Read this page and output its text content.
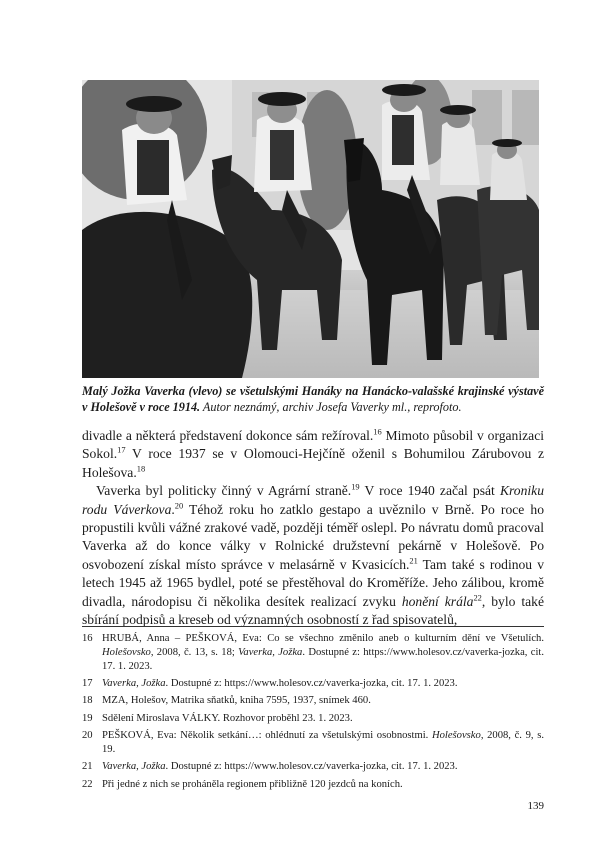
Malý Jožka Vaverka (vlevo) se všetulskými Hanáky na Hanácko-valašské krajinské výstavě v Holešově v roce 1914. Autor neznámý, archiv Josefa Vaverky ml., reprofoto.

divadle a některá představení dokonce sám režíroval.$^{16}$ Mimoto působil v organizaci Sokol.$^{17}$ V roce 1937 se v Olomouci-Hejčíně oženil s Bohumilou Zárubovou z Holešova.$^{18}$

Vaverka byl politicky činný v Agrární straně.$^{19}$ V roce 1940 začal psát Kroniku rodu Váverkova.$^{20}$ Téhož roku ho zatklo gestapo a uvěznilo v Brně. Po roce ho propustili kvůli vážné zrakové vadě, později téměř oslepl. Po návratu domů pracoval Vaverka až do konce války v Rolnické družstevní pekárně v Holešově. Po osvobození získal místo správce v melasárně v Kvasicích.$^{21}$ Tam také s rodinou v letech 1945 až 1965 bydlel, poté se přestěhoval do Kroměříže. Jeho zálibou, kromě divadla, národopisu či několika desítek realizací zvyku honění krála$^{22}$, bylo také sbírání podpisů a kreseb od významných osobností z řad spisovatelů,

16 HRUBÁ, Anna – PEŠKOVÁ, Eva: Co se všechno změnilo aneb o kulturním dění ve Všetulích. Holešovsko, 2008, č. 13, s. 18; Vaverka, Jožka. Dostupné z: https://www.holesov.cz/vaverka-jozka, cit. 17. 1. 2023.
17 Vaverka, Jožka. Dostupné z: https://www.holesov.cz/vaverka-jozka, cit. 17. 1. 2023.
18 MZA, Holešov, Matrika sňatků, kniha 7595, 1937, snímek 460.
19 Sdělení Miroslava VÁLKY. Rozhovor proběhl 23. 1. 2023.
20 PEŠKOVÁ, Eva: Několik setkání…: ohlédnutí za všetulskými osobnostmi. Holešovsko, 2008, č. 9, s. 19.
21 Vaverka, Jožka. Dostupné z: https://www.holesov.cz/vaverka-jozka, cit. 17. 1. 2023.
22 Při jedné z nich se proháněla regionem přibližně 120 jezdců na koních.
139
